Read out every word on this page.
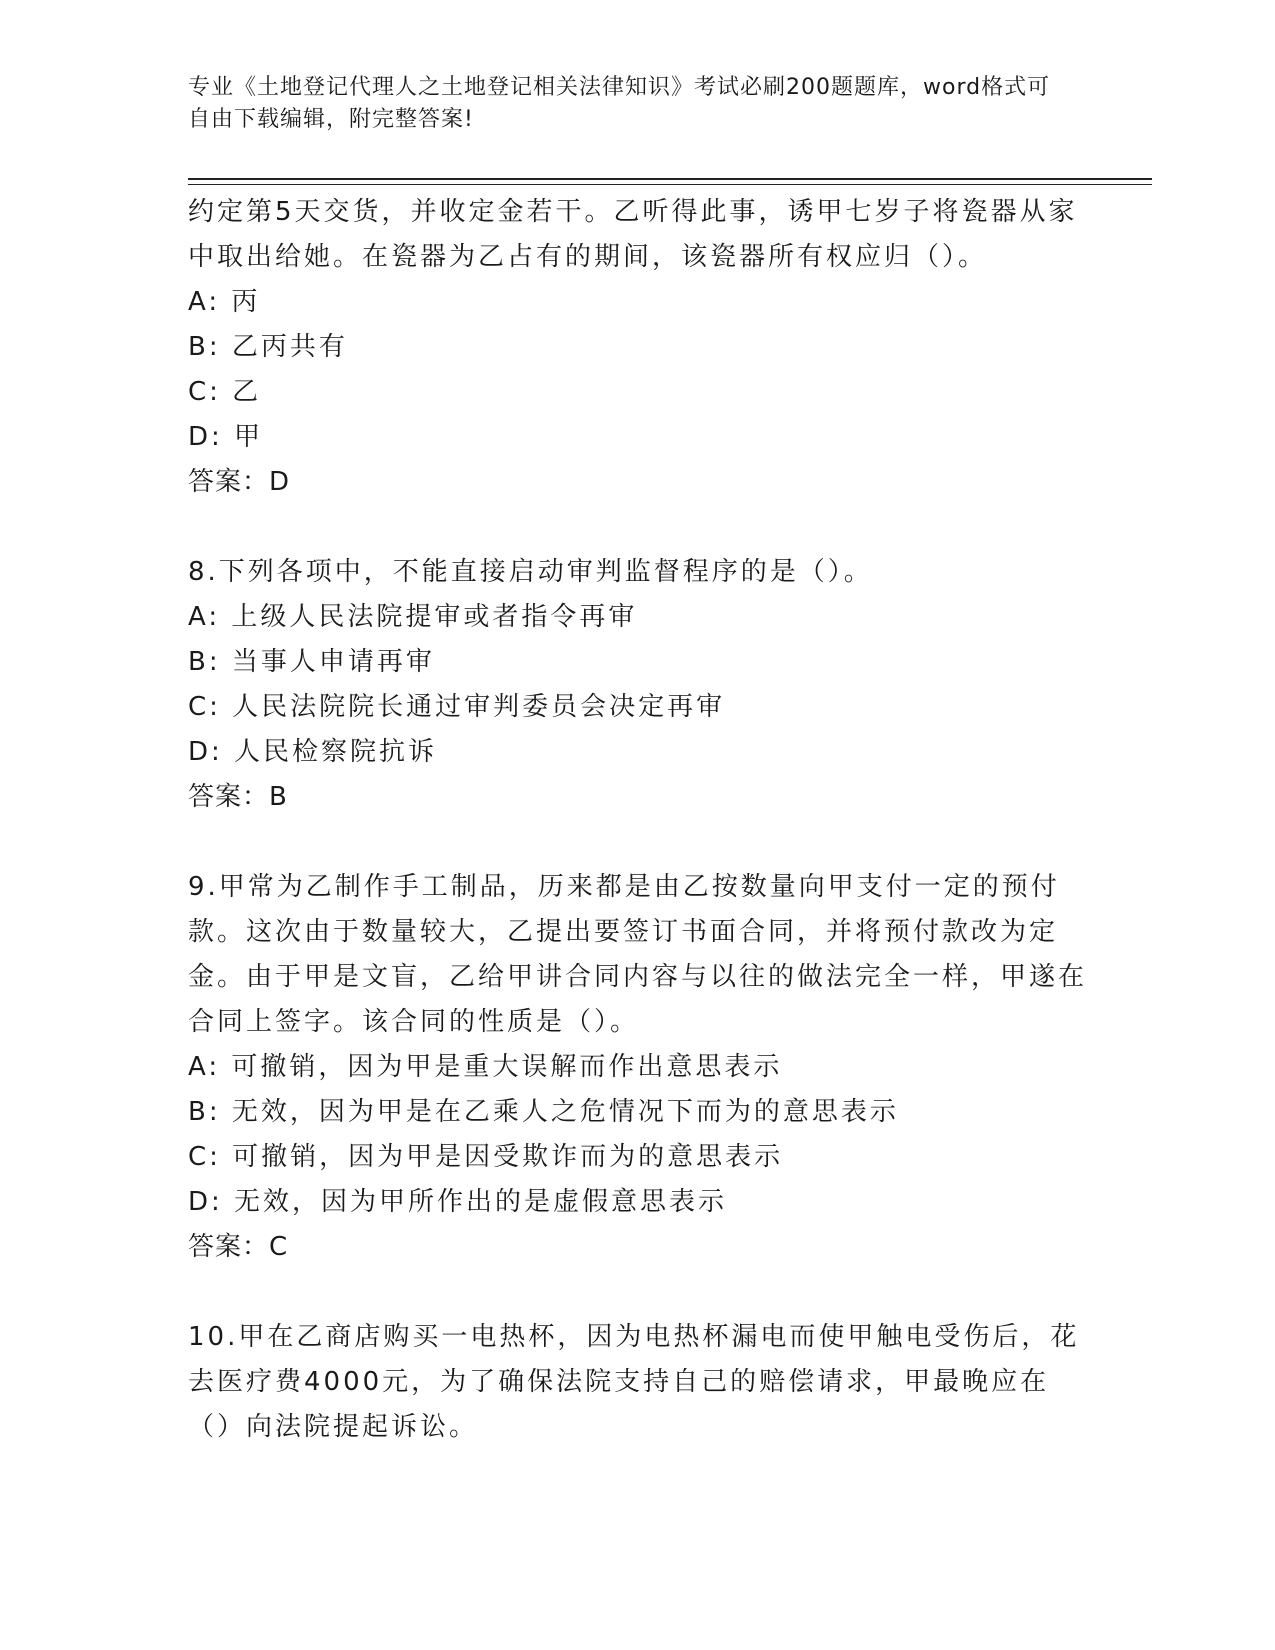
专业《土地登记代理人之土地登记相关法律知识》考试必刷200题题库，word格式可自由下载编辑，附完整答案!

约定第5天交货，并收定金若干。乙听得此事，诱甲七岁子将瓷器从家中取出给她。在瓷器为乙占有的期间，该瓷器所有权应归（）。

A: 丙

B: 乙丙共有

C: 乙

D: 甲

答案：D

8.下列各项中，不能直接启动审判监督程序的是（）。

A: 上级人民法院提审或者指令再审

B: 当事人申请再审

C: 人民法院院长通过审判委员会决定再审

D: 人民检察院抗诉

答案：B

9.甲常为乙制作手工制品，历来都是由乙按数量向甲支付一定的预付款。这次由于数量较大，乙提出要签订书面合同，并将预付款改为定金。由于甲是文盲，乙给甲讲合同内容与以往的做法完全一样，甲遂在合同上签字。该合同的性质是（）。

A: 可撤销，因为甲是重大误解而作出意思表示

B: 无效，因为甲是在乙乘人之危情况下而为的意思表示

C: 可撤销，因为甲是因受欺诈而为的意思表示

D: 无效，因为甲所作出的是虚假意思表示

答案：C

10.甲在乙商店购买一电热杯，因为电热杯漏电而使甲触电受伤后，花去医疗费4000元，为了确保法院支持自己的赔偿请求，甲最晚应在（）向法院提起诉讼。
